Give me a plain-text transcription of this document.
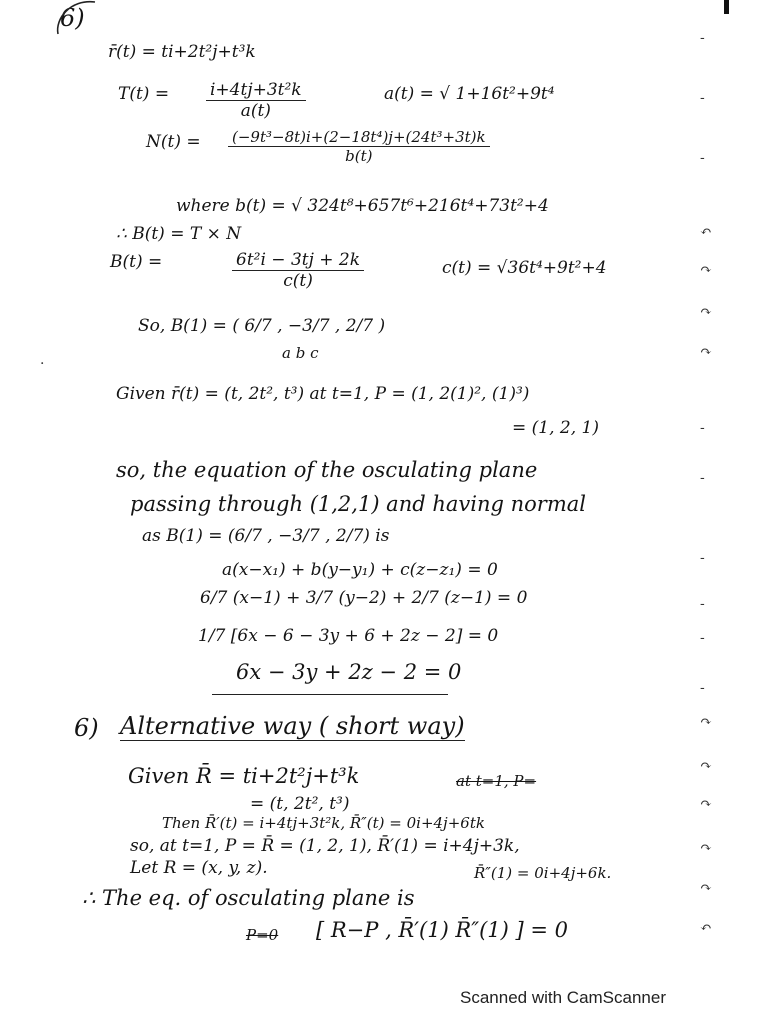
6)
r̄(t) = ti+2t²j+t³k
$T(t) = \frac{\text{i+4tj+3t²k}}{a(t)}$	a(t) = √ 1+16t²+9t⁴
$N(t) = \frac{\text{(−9t³−8t)i+(2−18t⁴)j+(24t³+3t)k}}{b(t)}$
where b(t) = √ 324t⁸+657t⁶+216t⁴+73t²+4
∴ B(t) = T × N
B(t) =	$\frac{\text{6t²i − 3tj + 2k}}{c(t)}$	c(t) = √36t⁴+9t²+4
So, B(1) = ( 6/7 , −3/7 , 2/7 )
a b c
Given r̄(t) = (t, 2t², t³) at t=1, P = (1, 2(1)², (1)³)
= (1, 2, 1)
so, the equation of the osculating plane
passing through (1,2,1) and having normal
as B(1) = (6/7 , −3/7 , 2/7) is
a(x−x₁) + b(y−y₁) + c(z−z₁) = 0
6/7 (x−1) + 3/7 (y−2) + 2/7 (z−1) = 0
1/7 [6x − 6 − 3y + 6 + 2z − 2] = 0
6x − 3y + 2z − 2 = 0
6) Alternative way ( short way)
Given R̄ = ti+2t²j+t³k	at t=1, P=
= (t, 2t², t³)
Then R̄′(t) = i+4tj+3t²k, R̄″(t) = 0i+4j+6tk
so, at t=1, P = R̄ = (1, 2, 1), R̄′(1) = i+4j+3k,
R̄″(1) = 0i+4j+6k.
Let R = (x, y, z).
∴ The eq. of osculating plane is
P=0 [ R−P , R̄′(1) R̄″(1) ] = 0
‐
‐
‐
↶
↷
↷
↷
‐
‐
‐
‐
‐
‐
↷
↷
↷
↷
↷
↶
·
Scanned with CamScanner
